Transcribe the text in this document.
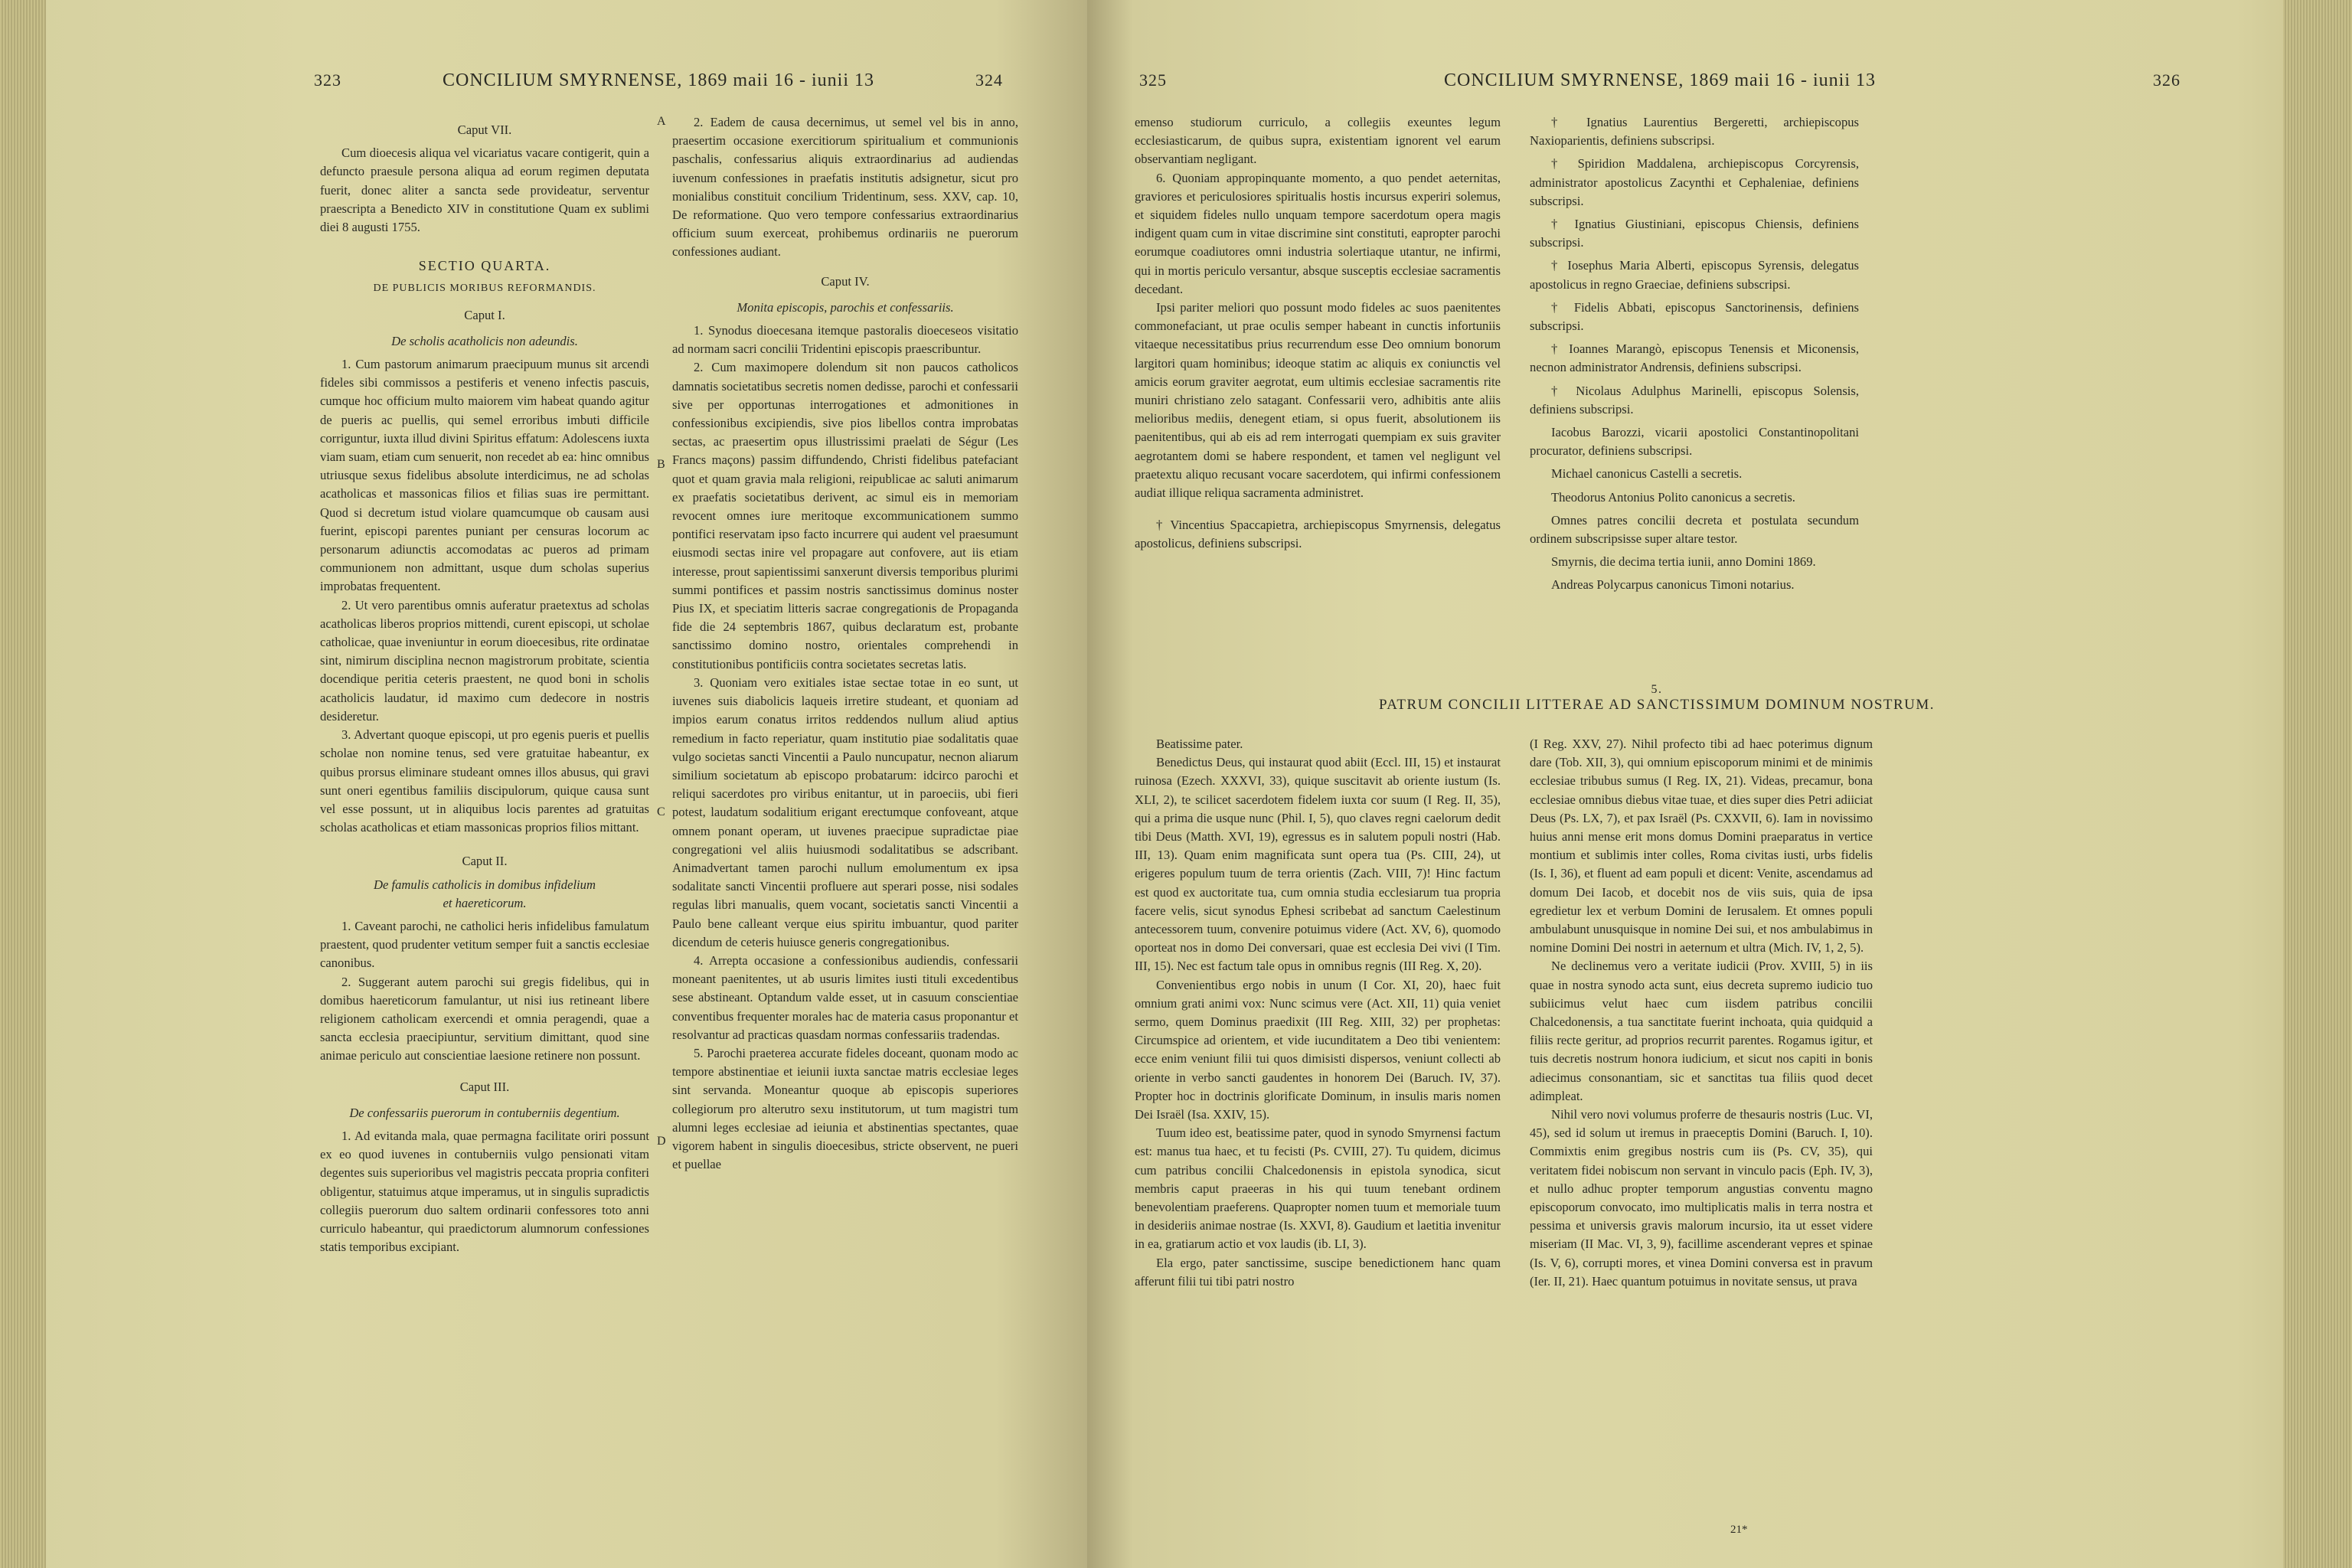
323	CONCILIUM SMYRNENSE, 1869 maii 16 - iunii 13	324
A
B
C
D
Caput VII.

Cum dioecesis aliqua vel vicariatus vacare contigerit, quin a defuncto praesule persona aliqua ad eorum regimen deputata fuerit, donec aliter a sancta sede provideatur, serventur praescripta a Benedicto XIV in constitutione Quam ex sublimi diei 8 augusti 1755.

SECTIO QUARTA.
DE PUBLICIS MORIBUS REFORMANDIS.
Caput I.
De scholis acatholicis non adeundis.

1. Cum pastorum animarum praecipuum munus sit arcendi fideles sibi commissos a pestiferis et veneno infectis pascuis, cumque hoc officium multo maiorem vim habeat quando agitur de pueris ac puellis, qui semel erroribus imbuti difficile corriguntur, iuxta illud divini Spiritus effatum: Adolescens iuxta viam suam, etiam cum senuerit, non recedet ab ea: hinc omnibus utriusque sexus fidelibus absolute interdicimus, ne ad scholas acatholicas et massonicas filios et filias suas ire permittant. Quod si decretum istud violare quamcumque ob causam ausi fuerint, episcopi parentes puniant per censuras locorum ac personarum adiunctis accomodatas ac pueros ad primam communionem non admittant, usque dum scholas superius improbatas frequentent.

2. Ut vero parentibus omnis auferatur praetextus ad scholas acatholicas liberos proprios mittendi, curent episcopi, ut scholae catholicae, quae inveniuntur in eorum dioecesibus, rite ordinatae sint, nimirum disciplina necnon magistrorum probitate, scientia docendique peritia ceteris praestent, ne quod boni in scholis acatholicis laudatur, id maximo cum dedecore in nostris desideretur.

3. Advertant quoque episcopi, ut pro egenis pueris et puellis scholae non nomine tenus, sed vere gratuitae habeantur, ex quibus prorsus eliminare studeant omnes illos abusus, qui gravi sunt oneri egentibus familiis discipulorum, quique causa sunt vel esse possunt, ut in aliquibus locis parentes ad gratuitas scholas acatholicas et etiam massonicas proprios filios mittant.

Caput II.
De famulis catholicis in domibus infidelium
et haereticorum.

1. Caveant parochi, ne catholici heris infidelibus famulatum praestent, quod prudenter vetitum semper fuit a sanctis ecclesiae canonibus.

2. Suggerant autem parochi sui gregis fidelibus, qui in domibus haereticorum famulantur, ut nisi ius retineant libere religionem catholicam exercendi et omnia peragendi, quae a sancta ecclesia praecipiuntur, servitium dimittant, quod sine animae periculo aut conscientiae laesione retinere non possunt.

Caput III.
De confessariis puerorum in contuberniis degentium.

1. Ad evitanda mala, quae permagna facilitate oriri possunt ex eo quod iuvenes in contuberniis vulgo pensionati vitam degentes suis superioribus vel magistris peccata propria confiteri obligentur, statuimus atque imperamus, ut in singulis supradictis collegiis puerorum duo saltem ordinarii confessores toto anni curriculo habeantur, qui praedictorum alumnorum confessiones statis temporibus excipiant.

2. Eadem de causa decernimus, ut semel vel bis in anno, praesertim occasione exercitiorum spiritualium et communionis paschalis, confessarius aliquis extraordinarius ad audiendas iuvenum confessiones in praefatis institutis adsignetur, sicut pro monialibus constituit concilium Tridentinum, sess. XXV, cap. 10, De reformatione. Quo vero tempore confessarius extraordinarius officium suum exerceat, prohibemus ordinariis ne puerorum confessiones audiant.

Caput IV.
Monita episcopis, parochis et confessariis.

1. Synodus dioecesana itemque pastoralis dioeceseos visitatio ad normam sacri concilii Tridentini episcopis praescribuntur.

2. Cum maximopere dolendum sit non paucos catholicos damnatis societatibus secretis nomen dedisse, parochi et confessarii sive per opportunas interrogationes et admonitiones in confessionibus excipiendis, sive pios libellos contra improbatas sectas, ac praesertim opus illustrissimi praelati de Ségur (Les Francs maçons) passim diffundendo, Christi fidelibus patefaciant quot et quam gravia mala religioni, reipublicae ac saluti animarum ex praefatis societatibus derivent, ac simul eis in memoriam revocent omnes iure meritoque excommunicationem summo pontifici reservatam ipso facto incurrere qui audent vel praesumunt eiusmodi sectas inire vel propagare aut confovere, aut iis etiam interesse, prout sapientissimi sanxerunt diversis temporibus plurimi summi pontifices et passim nostris sanctissimus dominus noster Pius IX, et speciatim litteris sacrae congregationis de Propaganda fide die 24 septembris 1867, quibus declaratum est, probante sanctissimo domino nostro, orientales comprehendi in constitutionibus pontificiis contra societates secretas latis.

3. Quoniam vero exitiales istae sectae totae in eo sunt, ut iuvenes suis diabolicis laqueis irretire studeant, et quoniam ad impios earum conatus irritos reddendos nullum aliud aptius remedium in facto reperiatur, quam institutio piae sodalitatis quae vulgo societas sancti Vincentii a Paulo nuncupatur, necnon aliarum similium societatum ab episcopo probatarum: idcirco parochi et reliqui sacerdotes pro viribus enitantur, ut in paroeciis, ubi fieri potest, laudatum sodalitium erigant erectumque confoveant, atque omnem ponant operam, ut iuvenes praecipue supradictae piae congregationi vel aliis huiusmodi sodalitatibus se adscribant. Animadvertant tamen parochi nullum emolumentum ex ipsa sodalitate sancti Vincentii profluere aut sperari posse, nisi sodales regulas libri manualis, quem vocant, societatis sancti Vincentii a Paulo bene calleant verque eius spiritu imbuantur, quod pariter dicendum de ceteris huiusce generis congregationibus.

4. Arrepta occasione a confessionibus audiendis, confessarii moneant paenitentes, ut ab usuris limites iusti tituli excedentibus sese abstineant. Optandum valde esset, ut in casuum conscientiae conventibus frequenter morales hac de materia casus proponantur et resolvantur ad practicas quasdam normas confessariis tradendas.

5. Parochi praeterea accurate fideles doceant, quonam modo ac tempore abstinentiae et ieiunii iuxta sanctae matris ecclesiae leges sint servanda. Moneantur quoque ab episcopis superiores collegiorum pro alterutro sexu institutorum, ut tum magistri tum alumni leges ecclesiae ad ieiunia et abstinentias spectantes, quae vigorem habent in singulis dioecesibus, stricte observent, ne pueri et puellae

325	CONCILIUM SMYRNENSE, 1869 maii 16 - iunii 13	326

emenso studiorum curriculo, a collegiis exeuntes legum ecclesiasticarum, de quibus supra, existentiam ignorent vel earum observantiam negligant.

6. Quoniam appropinquante momento, a quo pendet aeternitas, graviores et periculosiores spiritualis hostis incursus experiri solemus, et siquidem fideles nullo unquam tempore sacerdotum opera magis indigent quam cum in vitae discrimine sint constituti, eapropter parochi eorumque coadiutores omni industria solertiaque utantur, ne infirmi, qui in mortis periculo versantur, absque susceptis ecclesiae sacramentis decedant.

Ipsi pariter meliori quo possunt modo fideles ac suos paenitentes commonefaciant, ut prae oculis semper habeant in cunctis infortuniis vitaeque necessitatibus prius recurrendum esse Deo omnium bonorum largitori quam hominibus; ideoque statim ac aliquis ex coniunctis vel amicis eorum graviter aegrotat, eum ultimis ecclesiae sacramentis rite muniri christiano zelo satagant. Confessarii vero, adhibitis ante aliis melioribus mediis, denegent etiam, si opus fuerit, absolutionem iis paenitentibus, qui ab eis ad rem interrogati quempiam ex suis graviter aegrotantem domi se habere respondent, et tamen vel negligunt vel praetextu aliquo recusant vocare sacerdotem, qui infirmi confessionem audiat illique reliqua sacramenta administret.

† Vincentius Spaccapietra, archiepiscopus Smyrnensis, delegatus apostolicus, definiens subscripsi.

† Ignatius Laurentius Bergeretti, archiepiscopus Naxioparientis, definiens subscripsi.

† Spiridion Maddalena, archiepiscopus Corcyrensis, administrator apostolicus Zacynthi et Cephaleniae, definiens subscripsi.

† Ignatius Giustiniani, episcopus Chiensis, definiens subscripsi.

† Iosephus Maria Alberti, episcopus Syrensis, delegatus apostolicus in regno Graeciae, definiens subscripsi.

† Fidelis Abbati, episcopus Sanctorinensis, definiens subscripsi.

† Ioannes Marangò, episcopus Tenensis et Miconensis, necnon administrator Andrensis, definiens subscripsi.

† Nicolaus Adulphus Marinelli, episcopus Solensis, definiens subscripsi.

Iacobus Barozzi, vicarii apostolici Constantinopolitani procurator, definiens subscripsi.

Michael canonicus Castelli a secretis.

Theodorus Antonius Polito canonicus a secretis.

Omnes patres concilii decreta et postulata secundum ordinem subscripsisse super altare testor.

Smyrnis, die decima tertia iunii, anno Domini 1869.

Andreas Polycarpus canonicus Timoni notarius.

5.
PATRUM CONCILII LITTERAE AD SANCTISSIMUM DOMINUM NOSTRUM.

Beatissime pater.

Benedictus Deus, qui instaurat quod abiit (Eccl. III, 15) et instaurat ruinosa (Ezech. XXXVI, 33), quique suscitavit ab oriente iustum (Is. XLI, 2), te scilicet sacerdotem fidelem iuxta cor suum (I Reg. II, 35), qui a prima die usque nunc (Phil. I, 5), quo claves regni caelorum dedit tibi Deus (Matth. XVI, 19), egressus es in salutem populi nostri (Hab. III, 13). Quam enim magnificata sunt opera tua (Ps. CIII, 24), ut erigeres populum tuum de terra orientis (Zach. VIII, 7)! Hinc factum est quod ex auctoritate tua, cum omnia studia ecclesiarum tua propria facere velis, sicut synodus Ephesi scribebat ad sanctum Caelestinum antecessorem tuum, convenire potuimus videre (Act. XV, 6), quomodo oporteat nos in domo Dei conversari, quae est ecclesia Dei vivi (I Tim. III, 15). Nec est factum tale opus in omnibus regnis (III Reg. X, 20).

Convenientibus ergo nobis in unum (I Cor. XI, 20), haec fuit omnium grati animi vox: Nunc scimus vere (Act. XII, 11) quia veniet sermo, quem Dominus praedixit (III Reg. XIII, 32) per prophetas: Circumspice ad orientem, et vide iucunditatem a Deo tibi venientem: ecce enim veniunt filii tui quos dimisisti dispersos, veniunt collecti ab oriente in verbo sancti gaudentes in honorem Dei (Baruch. IV, 37). Propter hoc in doctrinis glorificate Dominum, in insulis maris nomen Dei Israël (Isa. XXIV, 15).

Tuum ideo est, beatissime pater, quod in synodo Smyrnensi factum est: manus tua haec, et tu fecisti (Ps. CVIII, 27). Tu quidem, dicimus cum patribus concilii Chalcedonensis in epistola synodica, sicut membris caput praeeras in his qui tuum tenebant ordinem benevolentiam praeferens. Quapropter nomen tuum et memoriale tuum in desideriis animae nostrae (Is. XXVI, 8). Gaudium et laetitia invenitur in ea, gratiarum actio et vox laudis (ib. LI, 3).

Ela ergo, pater sanctissime, suscipe benedictionem hanc quam afferunt filii tui tibi patri nostro

(I Reg. XXV, 27). Nihil profecto tibi ad haec poterimus dignum dare (Tob. XII, 3), qui omnium episcoporum minimi et de minimis ecclesiae tribubus sumus (I Reg. IX, 21). Videas, precamur, bona ecclesiae omnibus diebus vitae tuae, et dies super dies Petri adiiciat Deus (Ps. LX, 7), et pax Israël (Ps. CXXVII, 6). Iam in novissimo huius anni mense erit mons domus Domini praeparatus in vertice montium et sublimis inter colles, Roma civitas iusti, urbs fidelis (Is. I, 36), et fluent ad eam populi et dicent: Venite, ascendamus ad domum Dei Iacob, et docebit nos de viis suis, quia de ipsa egredietur lex et verbum Domini de Ierusalem. Et omnes populi ambulabunt unusquisque in nomine Dei sui, et nos ambulabimus in nomine Domini Dei nostri in aeternum et ultra (Mich. IV, 1, 2, 5).

Ne declinemus vero a veritate iudicii (Prov. XVIII, 5) in iis quae in nostra synodo acta sunt, eius decreta supremo iudicio tuo subiicimus velut haec cum iisdem patribus concilii Chalcedonensis, a tua sanctitate fuerint inchoata, quia quidquid a filiis recte geritur, ad proprios recurrit parentes. Rogamus igitur, et tuis decretis nostrum honora iudicium, et sicut nos capiti in bonis adiecimus consonantiam, sic et sanctitas tua filiis quod decet adimpleat.

Nihil vero novi volumus proferre de thesauris nostris (Luc. VI, 45), sed id solum ut iremus in praeceptis Domini (Baruch. I, 10). Commixtis enim gregibus nostris cum iis (Ps. CV, 35), qui veritatem fidei nobiscum non servant in vinculo pacis (Eph. IV, 3), et nullo adhuc propter temporum angustias conventu magno episcoporum convocato, imo multiplicatis malis in terra nostra et pessima et universis gravis malorum incursio, ita ut esset videre miseriam (II Mac. VI, 3, 9), facillime ascenderant vepres et spinae (Is. V, 6), corrupti mores, et vinea Domini conversa est in pravum (Ier. II, 21). Haec quantum potuimus in novitate sensus, ut prava

21*
